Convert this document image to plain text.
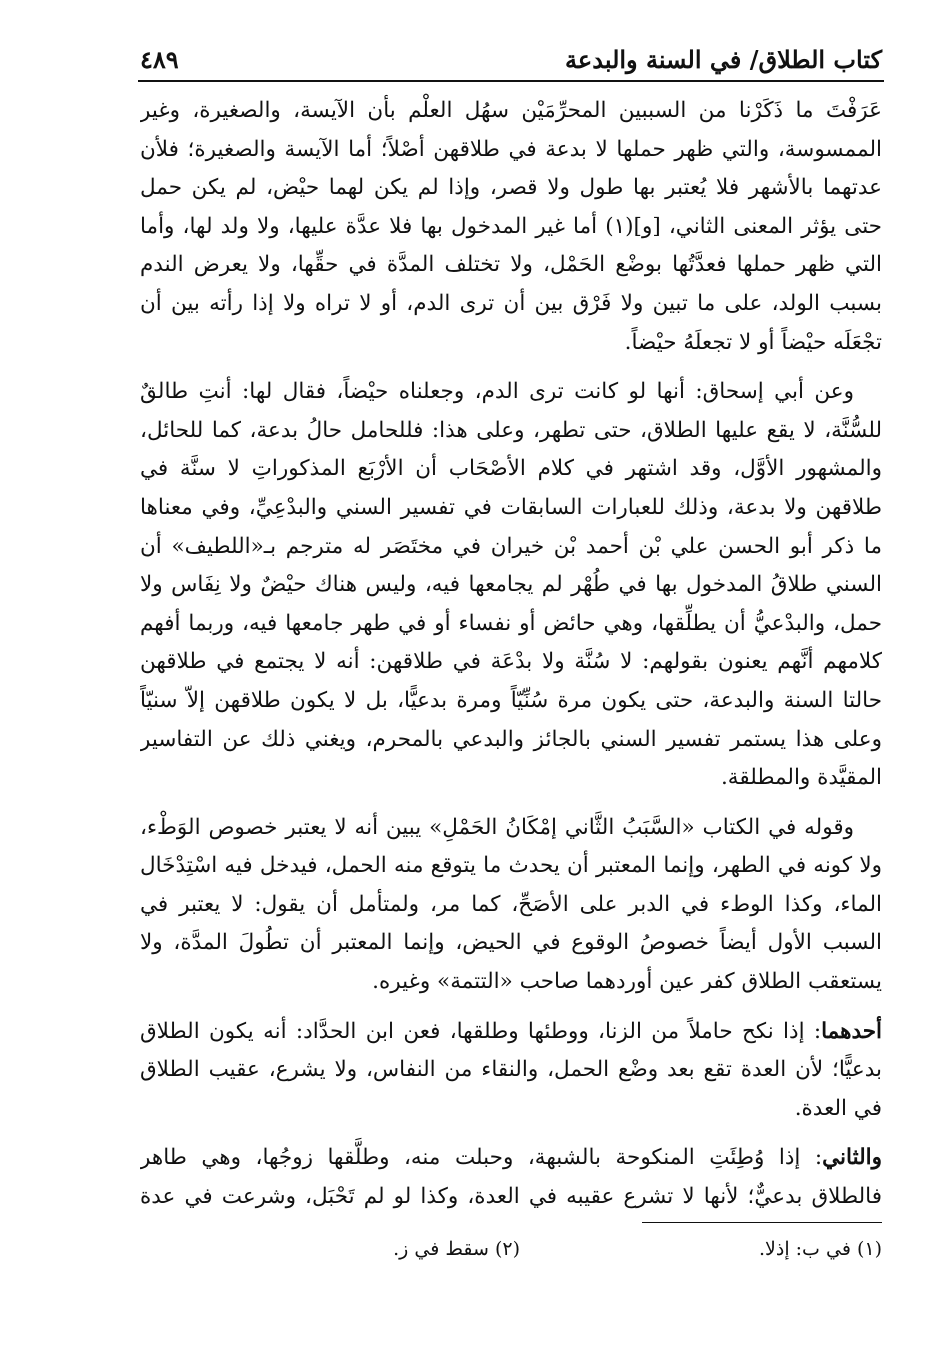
كتاب الطلاق/ في السنة والبدعة
٤٨٩

عَرَفْتَ ما ذَكَرْنا من السببين المحرِّمَيْن سهُل العلْم بأن الآيسة، والصغيرة، وغير الممسوسة، والتي ظهر حملها لا بدعة في طلاقهن أصْلاً؛ أما الآيسة والصغيرة؛ فلأن عدتهما بالأشهر فلا يُعتبر بها طول ولا قصر، وإذا لم يكن لهما حيْض، لم يكن حمل حتى يؤثر المعنى الثاني، [و](١) أما غير المدخول بها فلا عدَّة عليها، ولا ولد لها، وأما التي ظهر حملها فعدَّتُها بوضْع الحَمْل، ولا تختلف المدَّة في حقِّها، ولا يعرض الندم بسبب الولد، على ما تبين ولا فَرْق بين أن ترى الدم، أو لا تراه ولا إذا رأته بين أن تجْعَلَه حيْضاً أو لا تجعلَهُ حيْضاً.

وعن أبي إسحاق: أنها لو كانت ترى الدم، وجعلناه حيْضاً، فقال لها: أنتِ طالقٌ للسُّنَّة، لا يقع عليها الطلاق، حتى تطهر، وعلى هذا: فللحامل حالُ بدعة، كما للحائل، والمشهور الأوَّل، وقد اشتهر في كلام الأصْحَاب أن الأرْبَع المذكوراتِ لا سنَّة في طلاقهن ولا بدعة، وذلك للعبارات السابقات في تفسير السني والبدْعِيِّ، وفي معناها ما ذكر أبو الحسن علي بْن أحمد بْن خيران في مختَصَر له مترجم بـ«اللطيف» أن السني طلاقُ المدخول بها في طُهْر لم يجامعها فيه، وليس هناك حيْضٌ ولا نِفَاس ولا حمل، والبدْعيُّ أن يطلِّقها، وهي حائض أو نفساء أو في طهر جامعها فيه، وربما أفهم كلامهم أنَّهم يعنون بقولهم: لا سُنَّة ولا بدْعَة في طلاقهن: أنه لا يجتمع في طلاقهن حالتا السنة والبدعة، حتى يكون مرة سُنِّيّاً ومرة بدعيًّا، بل لا يكون طلاقهن إلاّ سنيّاً وعلى هذا يستمر تفسير السني بالجائز والبدعي بالمحرم، ويغني ذلك عن التفاسير المقيَّدة والمطلقة.

وقوله في الكتاب «السَّبَبُ الثَّاني إمْكَانُ الحَمْلِ» يبين أنه لا يعتبر خصوص الوَطْء، ولا كونه في الطهر، وإنما المعتبر أن يحدث ما يتوقع منه الحمل، فيدخل فيه اسْتِدْخَال الماء، وكذا الوطء في الدبر على الأصَحِّ، كما مر، ولمتأمل أن يقول: لا يعتبر في السبب الأول أيضاً خصوصُ الوقوع في الحيض، وإنما المعتبر أن تطُولَ المدَّة، ولا يستعقب الطلاق كفر عين أوردهما صاحب «التتمة» وغيره.

أحدهما: إذا نكح حاملاً من الزنا، ووطئها وطلقها، فعن ابن الحدَّاد: أنه يكون الطلاق بدعيًّا؛ لأن العدة تقع بعد وضْع الحمل، والنقاء من النفاس، ولا يشرع، عقيب الطلاق في العدة.

والثاني: إذا وُطِئَتِ المنكوحة بالشبهة، وحبلت منه، وطلَّقها زوجُها، وهي طاهر فالطلاق بدعيٌّ؛ لأنها لا تشرع عقيبه في العدة، وكذا لو لم تَحْبَل، وشرعت في عدة

(١) في ب: إذلا.
(٢) سقط في ز.
